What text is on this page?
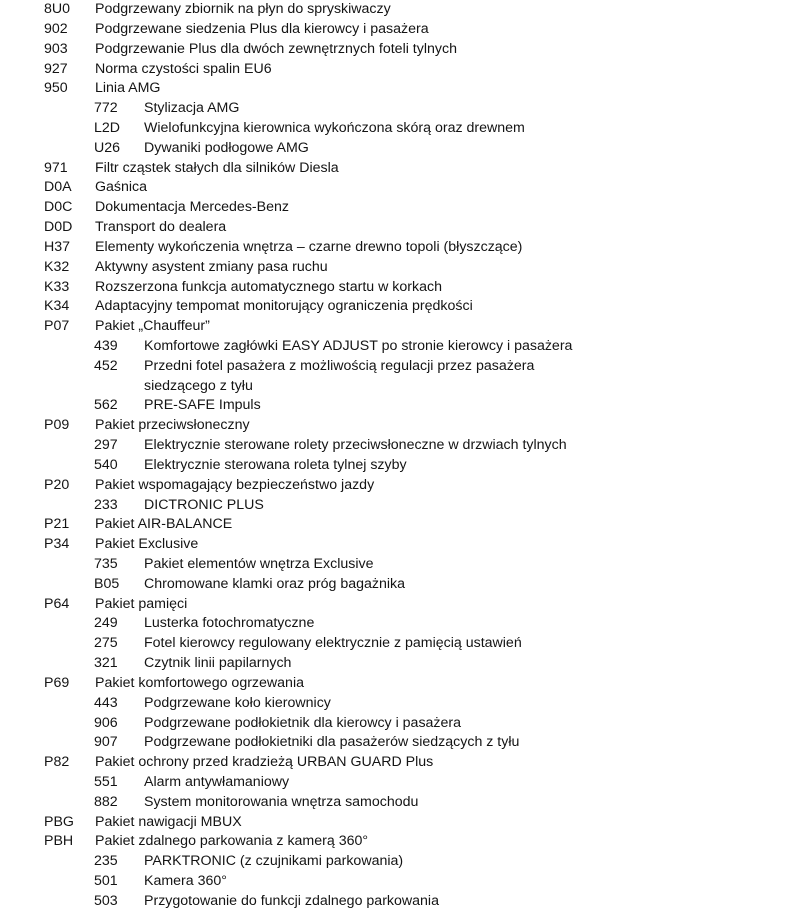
8U0 Podgrzewany zbiornik na płyn do spryskiwaczy
902 Podgrzewane siedzenia Plus dla kierowcy i pasażera
903 Podgrzewanie Plus dla dwóch zewnętrznych foteli tylnych
927 Norma czystości spalin EU6
950 Linia AMG
772 Stylizacja AMG
L2D Wielofunkcyjna kierownica wykończona skórą oraz drewnem
U26 Dywaniki podłogowe AMG
971 Filtr cząstek stałych dla silników Diesla
D0A Gaśnica
D0C Dokumentacja Mercedes-Benz
D0D Transport do dealera
H37 Elementy wykończenia wnętrza – czarne drewno topoli (błyszczące)
K32 Aktywny asystent zmiany pasa ruchu
K33 Rozszerzona funkcja automatycznego startu w korkach
K34 Adaptacyjny tempomat monitorujący ograniczenia prędkości
P07 Pakiet „Chauffeur”
439 Komfortowe zagłówki EASY ADJUST po stronie kierowcy i pasażera
452 Przedni fotel pasażera z możliwością regulacji przez pasażera
siedzącego z tyłu
562 PRE-SAFE Impuls
P09 Pakiet przeciwsłoneczny
297 Elektrycznie sterowane rolety przeciwsłoneczne w drzwiach tylnych
540 Elektrycznie sterowana roleta tylnej szyby
P20 Pakiet wspomagający bezpieczeństwo jazdy
233 DICTRONIC PLUS
P21 Pakiet AIR-BALANCE
P34 Pakiet Exclusive
735 Pakiet elementów wnętrza Exclusive
B05 Chromowane klamki oraz próg bagażnika
P64 Pakiet pamięci
249 Lusterka fotochromatyczne
275 Fotel kierowcy regulowany elektrycznie z pamięcią ustawień
321 Czytnik linii papilarnych
P69 Pakiet komfortowego ogrzewania
443 Podgrzewane koło kierownicy
906 Podgrzewane podłokietnik dla kierowcy i pasażera
907 Podgrzewane podłokietniki dla pasażerów siedzących z tyłu
P82 Pakiet ochrony przed kradzieżą URBAN GUARD Plus
551 Alarm antywłamaniowy
882 System monitorowania wnętrza samochodu
PBG Pakiet nawigacji MBUX
PBH Pakiet zdalnego parkowania z kamerą 360°
235 PARKTRONIC (z czujnikami parkowania)
501 Kamera 360°
503 Przygotowanie do funkcji zdalnego parkowania
